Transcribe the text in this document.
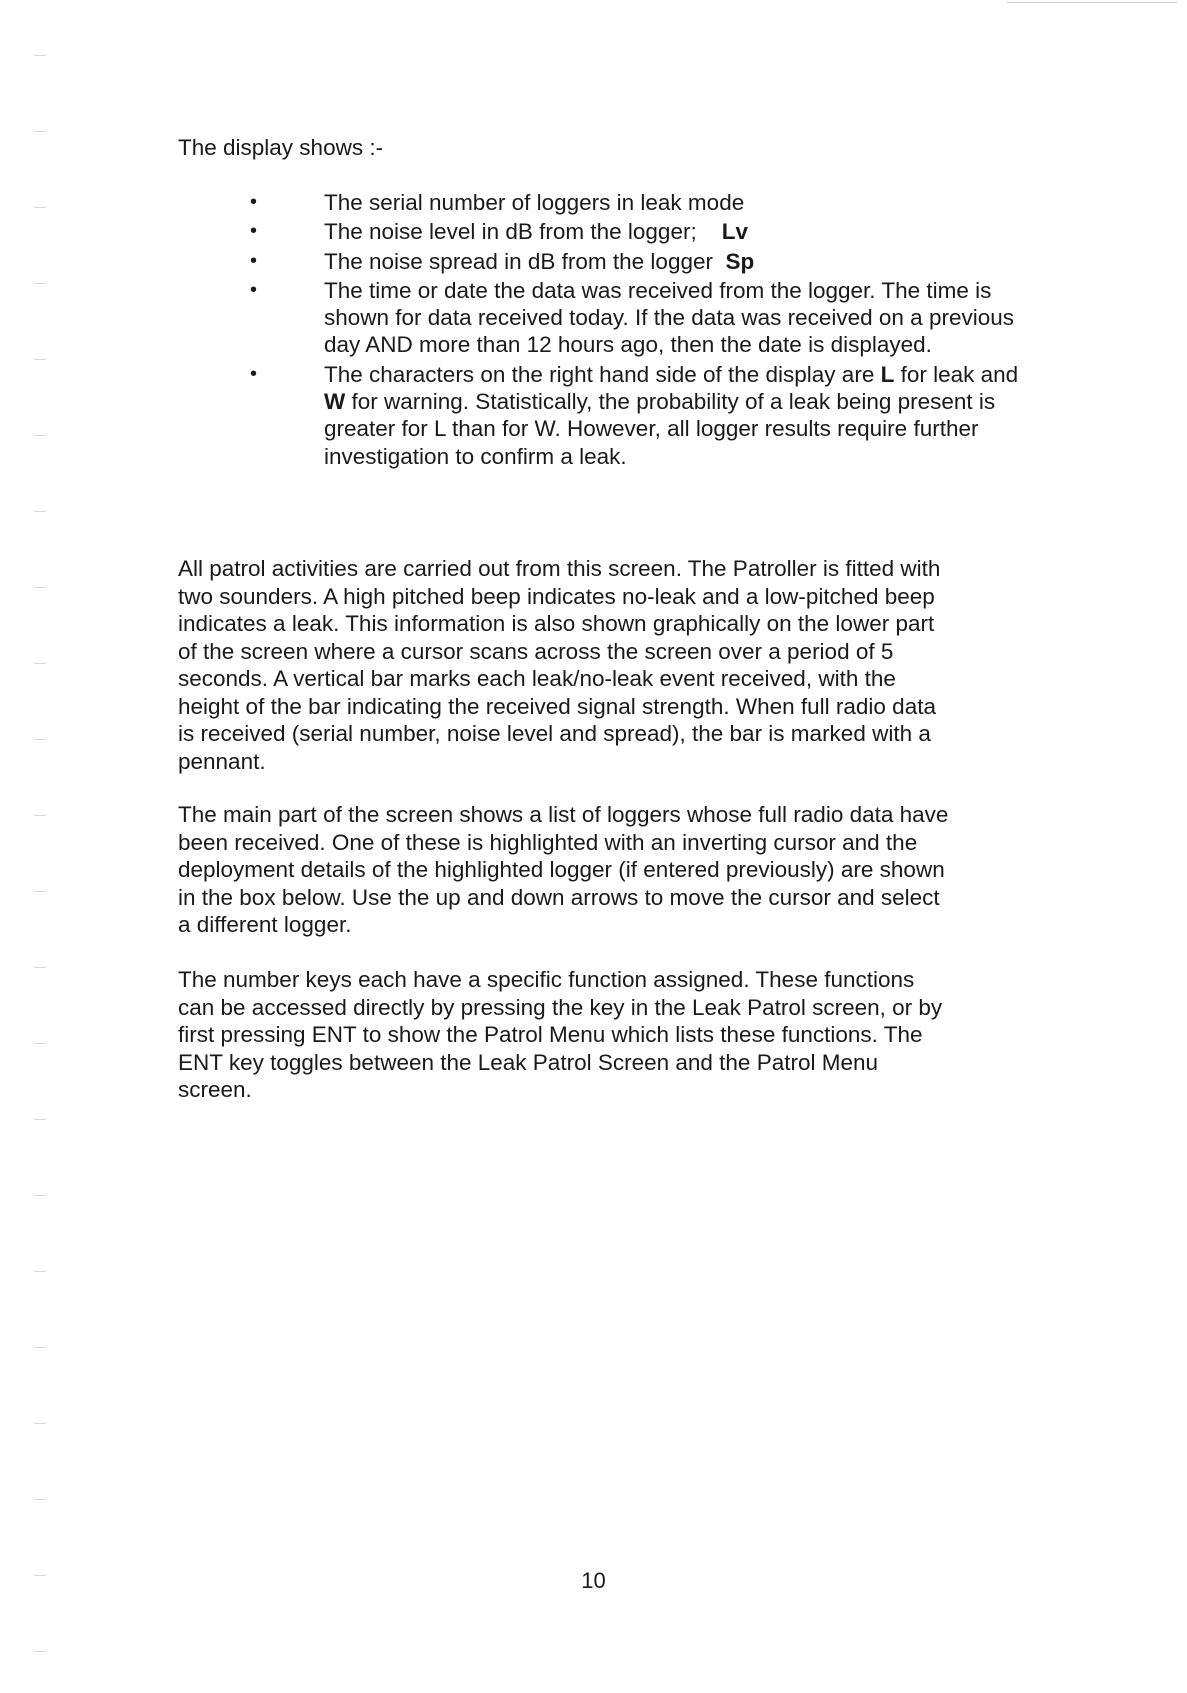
The display shows :-
•	The serial number of loggers in leak mode
•	The noise level in dB from the logger;    Lv
•	The noise spread in dB from the logger  Sp
•	The time or date the data was received from the logger. The time is shown for data received today. If the data was received on a previous day AND more than 12 hours ago, then the date is displayed.
•	The characters on the right hand side of the display are L for leak and W for warning. Statistically, the probability of a leak being present is greater for L than for W. However, all logger results require further investigation to confirm a leak.

All patrol activities are carried out from this screen. The Patroller is fitted with
two sounders. A high pitched beep indicates no-leak and a low-pitched beep
indicates a leak. This information is also shown graphically on the lower part
of the screen where a cursor scans across the screen over a period of 5
seconds. A vertical bar marks each leak/no-leak event received, with the
height of the bar indicating the received signal strength. When full radio data
is received (serial number, noise level and spread), the bar is marked with a
pennant.

The main part of the screen shows a list of loggers whose full radio data have
been received. One of these is highlighted with an inverting cursor and the
deployment details of the highlighted logger (if entered previously) are shown
in the box below. Use the up and down arrows to move the cursor and select
a different logger.

The number keys each have a specific function assigned. These functions
can be accessed directly by pressing the key in the Leak Patrol screen, or by
first pressing ENT to show the Patrol Menu which lists these functions. The
ENT key toggles between the Leak Patrol Screen and the Patrol Menu
screen.

10
